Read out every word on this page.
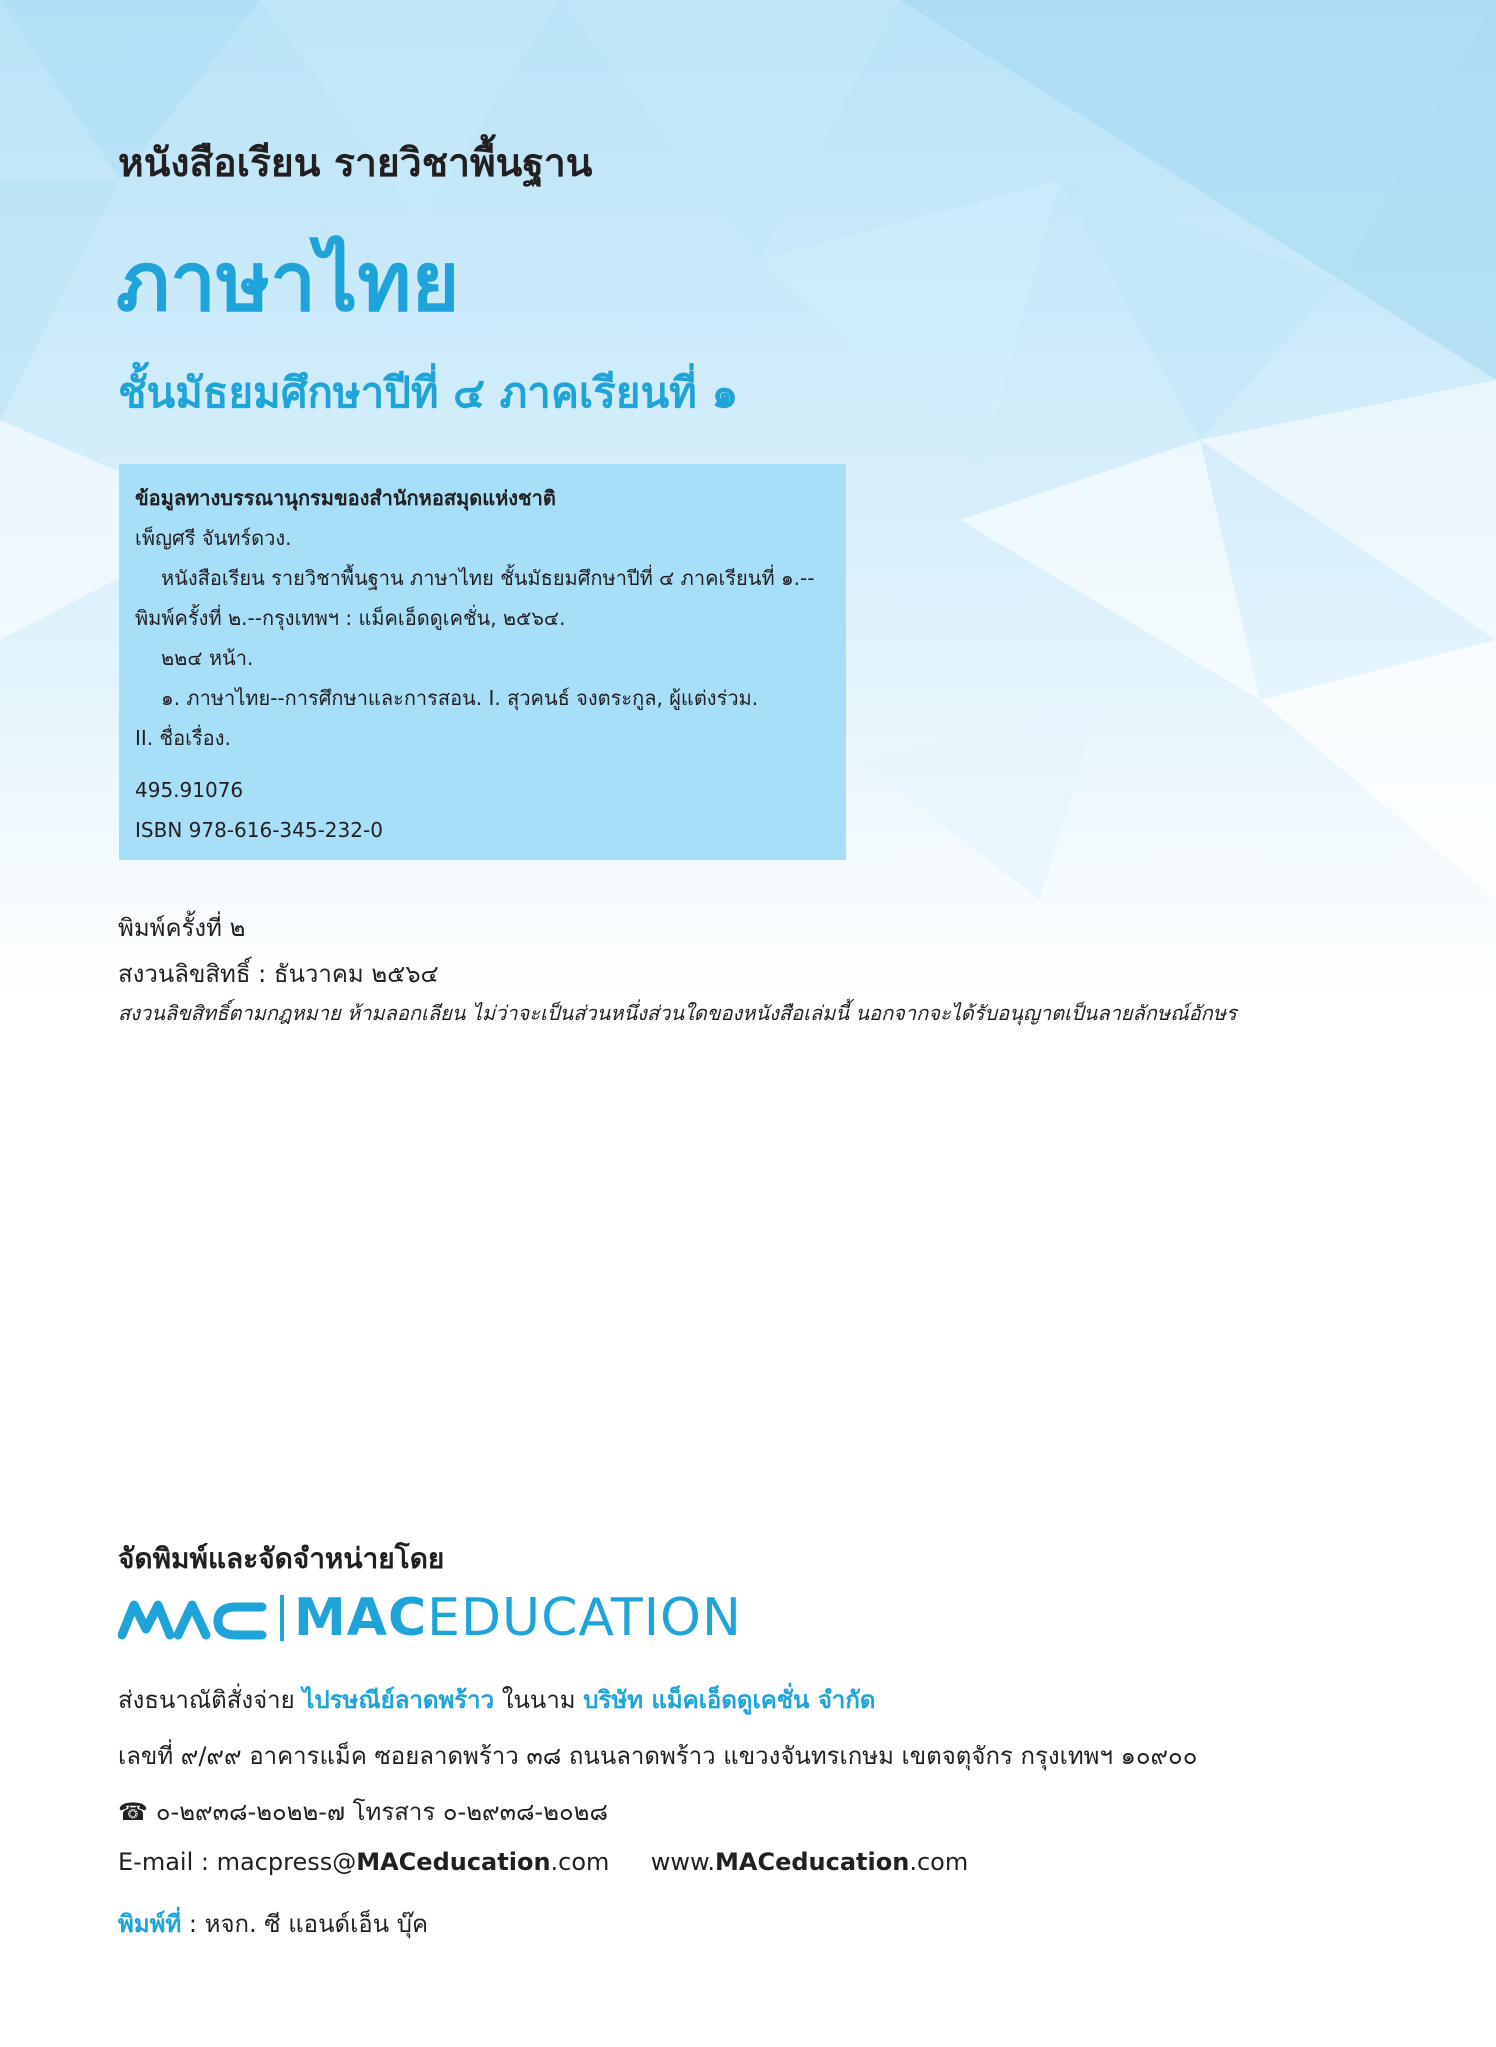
หนังสือเรียน รายวิชาพื้นฐาน
ภาษาไทย
ชั้นมัธยมศึกษาปีที่ ๔ ภาคเรียนที่ ๑
ข้อมูลทางบรรณานุกรมของสำนักหอสมุดแห่งชาติ
เพ็ญศรี จันทร์ดวง.
หนังสือเรียน รายวิชาพื้นฐาน ภาษาไทย ชั้นมัธยมศึกษาปีที่ ๔ ภาคเรียนที่ ๑.--
พิมพ์ครั้งที่ ๒.--กรุงเทพฯ : แม็คเอ็ดดูเคชั่น, ๒๕๖๔.
๒๒๔ หน้า.
๑. ภาษาไทย--การศึกษาและการสอน. I. สุวคนธ์ จงตระกูล, ผู้แต่งร่วม.
II. ชื่อเรื่อง.
495.91076
ISBN 978-616-345-232-0
พิมพ์ครั้งที่ ๒
สงวนลิขสิทธิ์ : ธันวาคม ๒๕๖๔
สงวนลิขสิทธิ์ตามกฎหมาย ห้ามลอกเลียน ไม่ว่าจะเป็นส่วนหนึ่งส่วนใดของหนังสือเล่มนี้ นอกจากจะได้รับอนุญาตเป็นลายลักษณ์อักษร
จัดพิมพ์และจัดจำหน่ายโดย
MACEDUCATION
ส่งธนาณัติสั่งจ่าย ไปรษณีย์ลาดพร้าว ในนาม บริษัท แม็คเอ็ดดูเคชั่น จำกัด
เลขที่ ๙/๙๙ อาคารแม็ค ซอยลาดพร้าว ๓๘ ถนนลาดพร้าว แขวงจันทรเกษม เขตจตุจักร กรุงเทพฯ ๑๐๙๐๐
☎ ๐-๒๙๓๘-๒๐๒๒-๗ โทรสาร ๐-๒๙๓๘-๒๐๒๘
E-mail : macpress@MACeducation.com www.MACeducation.com
พิมพ์ที่ : หจก. ซี แอนด์เอ็น บุ๊ค
